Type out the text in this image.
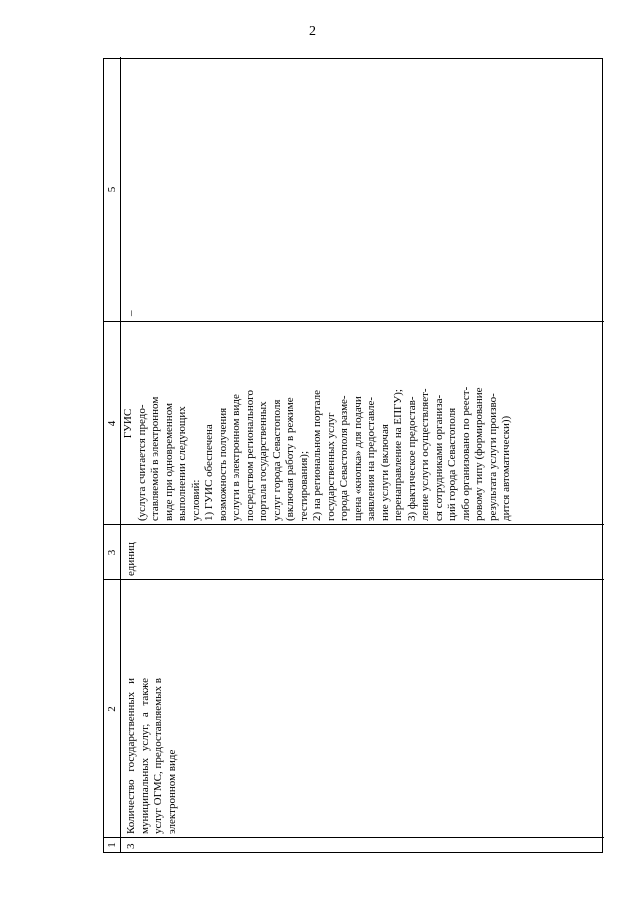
2
1
2
3
4
5
3
Количество государственных и муниципальных услуг, а также услуг ОГМС, предоставляемых в электронном виде
единиц
ГУИС (услуга считается предо- ставляемой в электронном виде при одновременном выполнении следующих условий: 1) ГУИС обеспечена возможность получения услуги в электронном виде посредством регионального портала государственных услуг города Севастополя (включая работу в режиме тестирования); 2) на региональном портале государственных услуг города Севастополя разме- щена «кнопка» для подачи заявления на предоставле- ние услуги (включая перенаправление на ЕПГУ); 3) фактическое предостав- ление услуги осуществляет- ся сотрудниками организа- ций города Севастополя либо организовано по реест- ровому типу (формирование результата услуги произво- дится автоматически))
–
